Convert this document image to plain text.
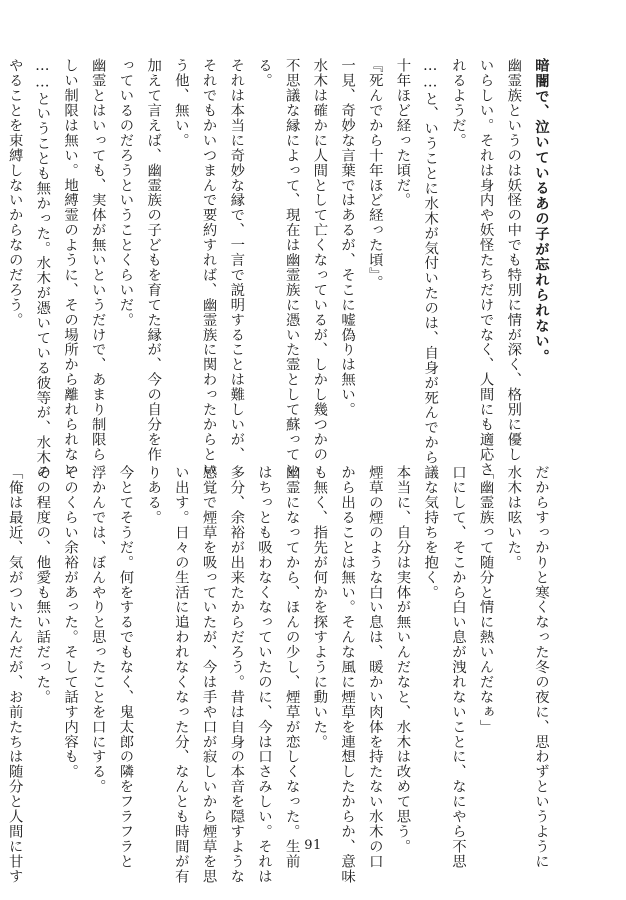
暗闇で、泣いているあの子が忘れられない。
幽霊族というのは妖怪の中でも特別に情が深く、格別に優し
いらしい。それは身内や妖怪たちだけでなく、人間にも適応さ
れるようだ。
……と、いうことに水木が気付いたのは、自身が死んでから
十年ほど経った頃だ。
『死んでから十年ほど経った頃』。
一見、奇妙な言葉ではあるが、そこに嘘偽りは無い。
水木は確かに人間として亡くなっているが、しかし幾つかの
不思議な縁によって、現在は幽霊族に憑いた霊として蘇ってい
る。
それは本当に奇妙な縁で、一言で説明することは難しいが、
それでもかいつまんで要約すれば、幽霊族に関わったからとい
う他、無い。
加えて言えば、幽霊族の子どもを育てた縁が、今の自分を作
っているのだろうということくらいだ。
幽霊とはいっても、実体が無いというだけで、あまり制限ら
しい制限は無い。地縛霊のように、その場所から離れられない
……ということも無かった。水木が憑いている彼等が、水木の
やることを束縛しないからなのだろう。
だからすっかりと寒くなった冬の夜に、思わずというように
水木は呟いた。
「幽霊族って随分と情に熱いんだなぁ」
口にして、そこから白い息が洩れないことに、なにやら不思
議な気持ちを抱く。
本当に、自分は実体が無いんだなと、水木は改めて思う。
煙草の煙のような白い息は、暖かい肉体を持たない水木の口
から出ることは無い。そんな風に煙草を連想したからか、意味
も無く、指先が何かを探すように動いた。
幽霊になってから、ほんの少し、煙草が恋しくなった。生前
はちっとも吸わなくなっていたのに、今は口さみしい。それは
多分、余裕が出来たからだろう。昔は自身の本音を隠すような
感覚で煙草を吸っていたが、今は手や口が寂しいから煙草を思
い出す。日々の生活に追われなくなった分、なんとも時間が有
りある。
今とてそうだ。何をするでもなく、鬼太郎の隣をフラフラと
浮かんでは、ぼんやりと思ったことを口にする。
そのくらい余裕があった。そして話す内容も。
その程度の、他愛も無い話だった。
「俺は最近、気がついたんだが、お前たちは随分と人間に甘す	91
